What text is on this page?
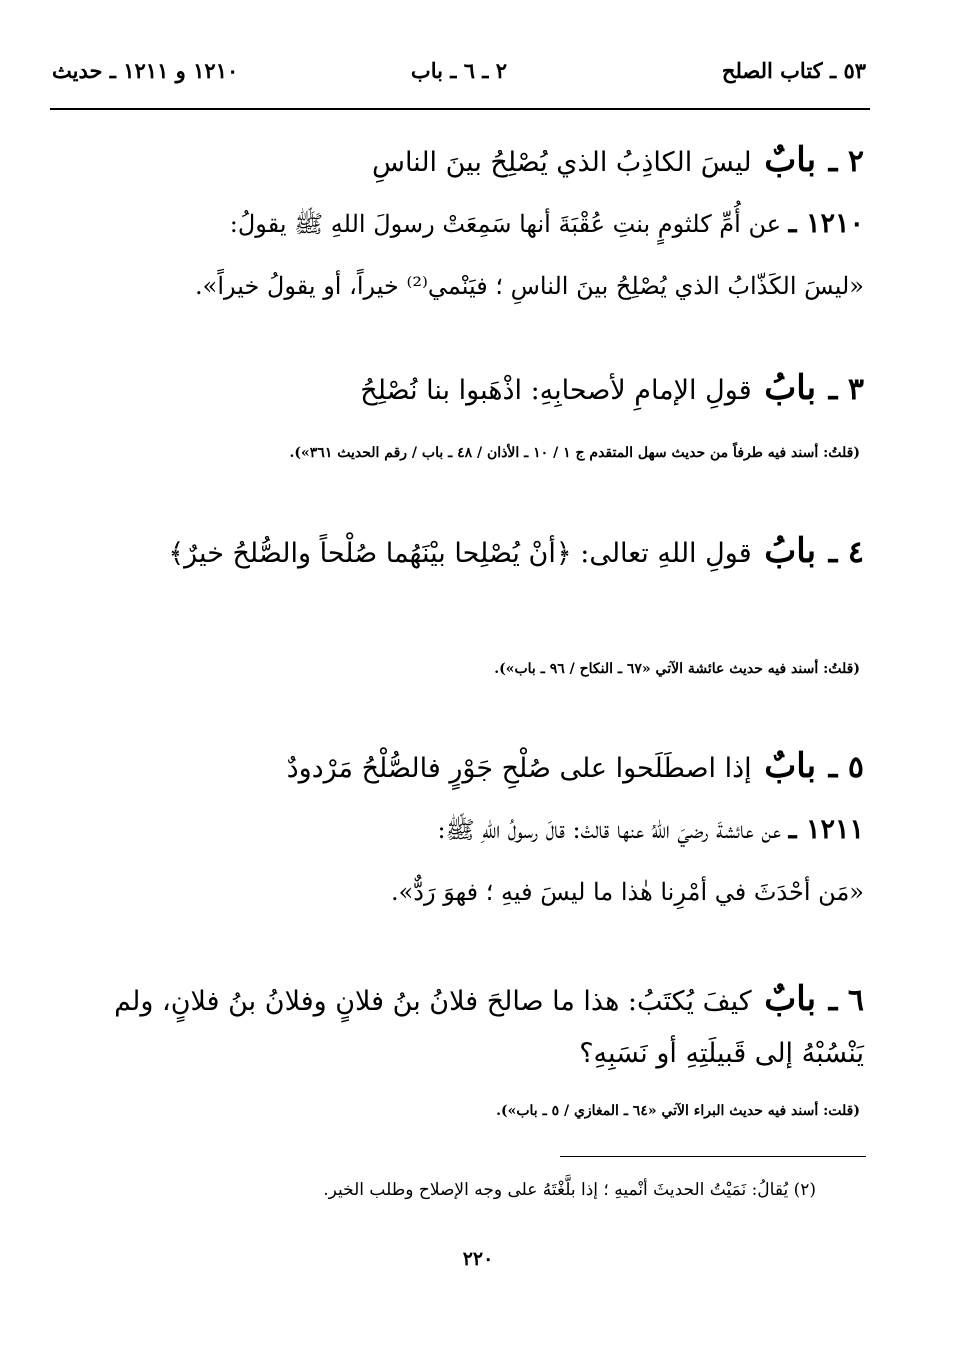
٥٣ ـ كتاب الصلح
٢ ـ ٦ ـ باب
١٢١٠ و ١٢١١ ـ حديث
٢ ـ بابٌ ليسَ الكاذِبُ الذي يُصْلِحُ بينَ الناسِ
١٢١٠ ـ عن أُمِّ كلثومٍ بنتِ عُقْبَةَ أنها سَمِعَتْ رسولَ اللهِ ﷺ يقولُ:
«ليسَ الكَذّابُ الذي يُصْلِحُ بينَ الناسِ ؛ فيَنْمي⁽²⁾ خيراً، أو يقولُ خيراً».
٣ ـ بابُ قولِ الإمامِ لأصحابِهِ: اذْهَبوا بنا نُصْلِحُ
(قلتُ: أسند فيه طرفاً من حديث سهل المتقدم ج ١ / ١٠ ـ الأذان / ٤٨ ـ باب / رقم الحديث ٣٦١»).
٤ ـ بابُ قولِ اللهِ تعالى: ﴿أنْ يُصْلِحا بيْنَهُما صُلْحاً والصُّلحُ خيرٌ﴾
(قلتُ: أسند فيه حديث عائشة الآتي «٦٧ ـ النكاح / ٩٦ ـ باب»).
٥ ـ بابٌ إذا اصطَلَحوا على صُلْحِ جَوْرٍ فالصُّلْحُ مَرْدودٌ
١٢١١ ـ عن عائشةَ رضيَ اللهُ عنها قالتْ: قالَ رسولُ اللهِ ﷺ:
«مَن أحْدَثَ في أمْرِنا هٰذا ما ليسَ فيهِ ؛ فهوَ رَدٌّ».
٦ ـ بابٌ كيفَ يُكتَبُ: هذا ما صالحَ فلانُ بنُ فلانٍ وفلانُ بنُ فلانٍ، ولم يَنْسُبْهُ إلى قَبيلَتِهِ أو نَسَبِهِ؟
(قلت: أسند فيه حديث البراء الآتي «٦٤ ـ المغازي / ٥ ـ باب»).
(٢) يُقالُ: نَمَيْتُ الحديثَ أنْميهِ ؛ إذا بلَّغْتَهُ على وجه الإصلاح وطلب الخير.
٢٢٠
